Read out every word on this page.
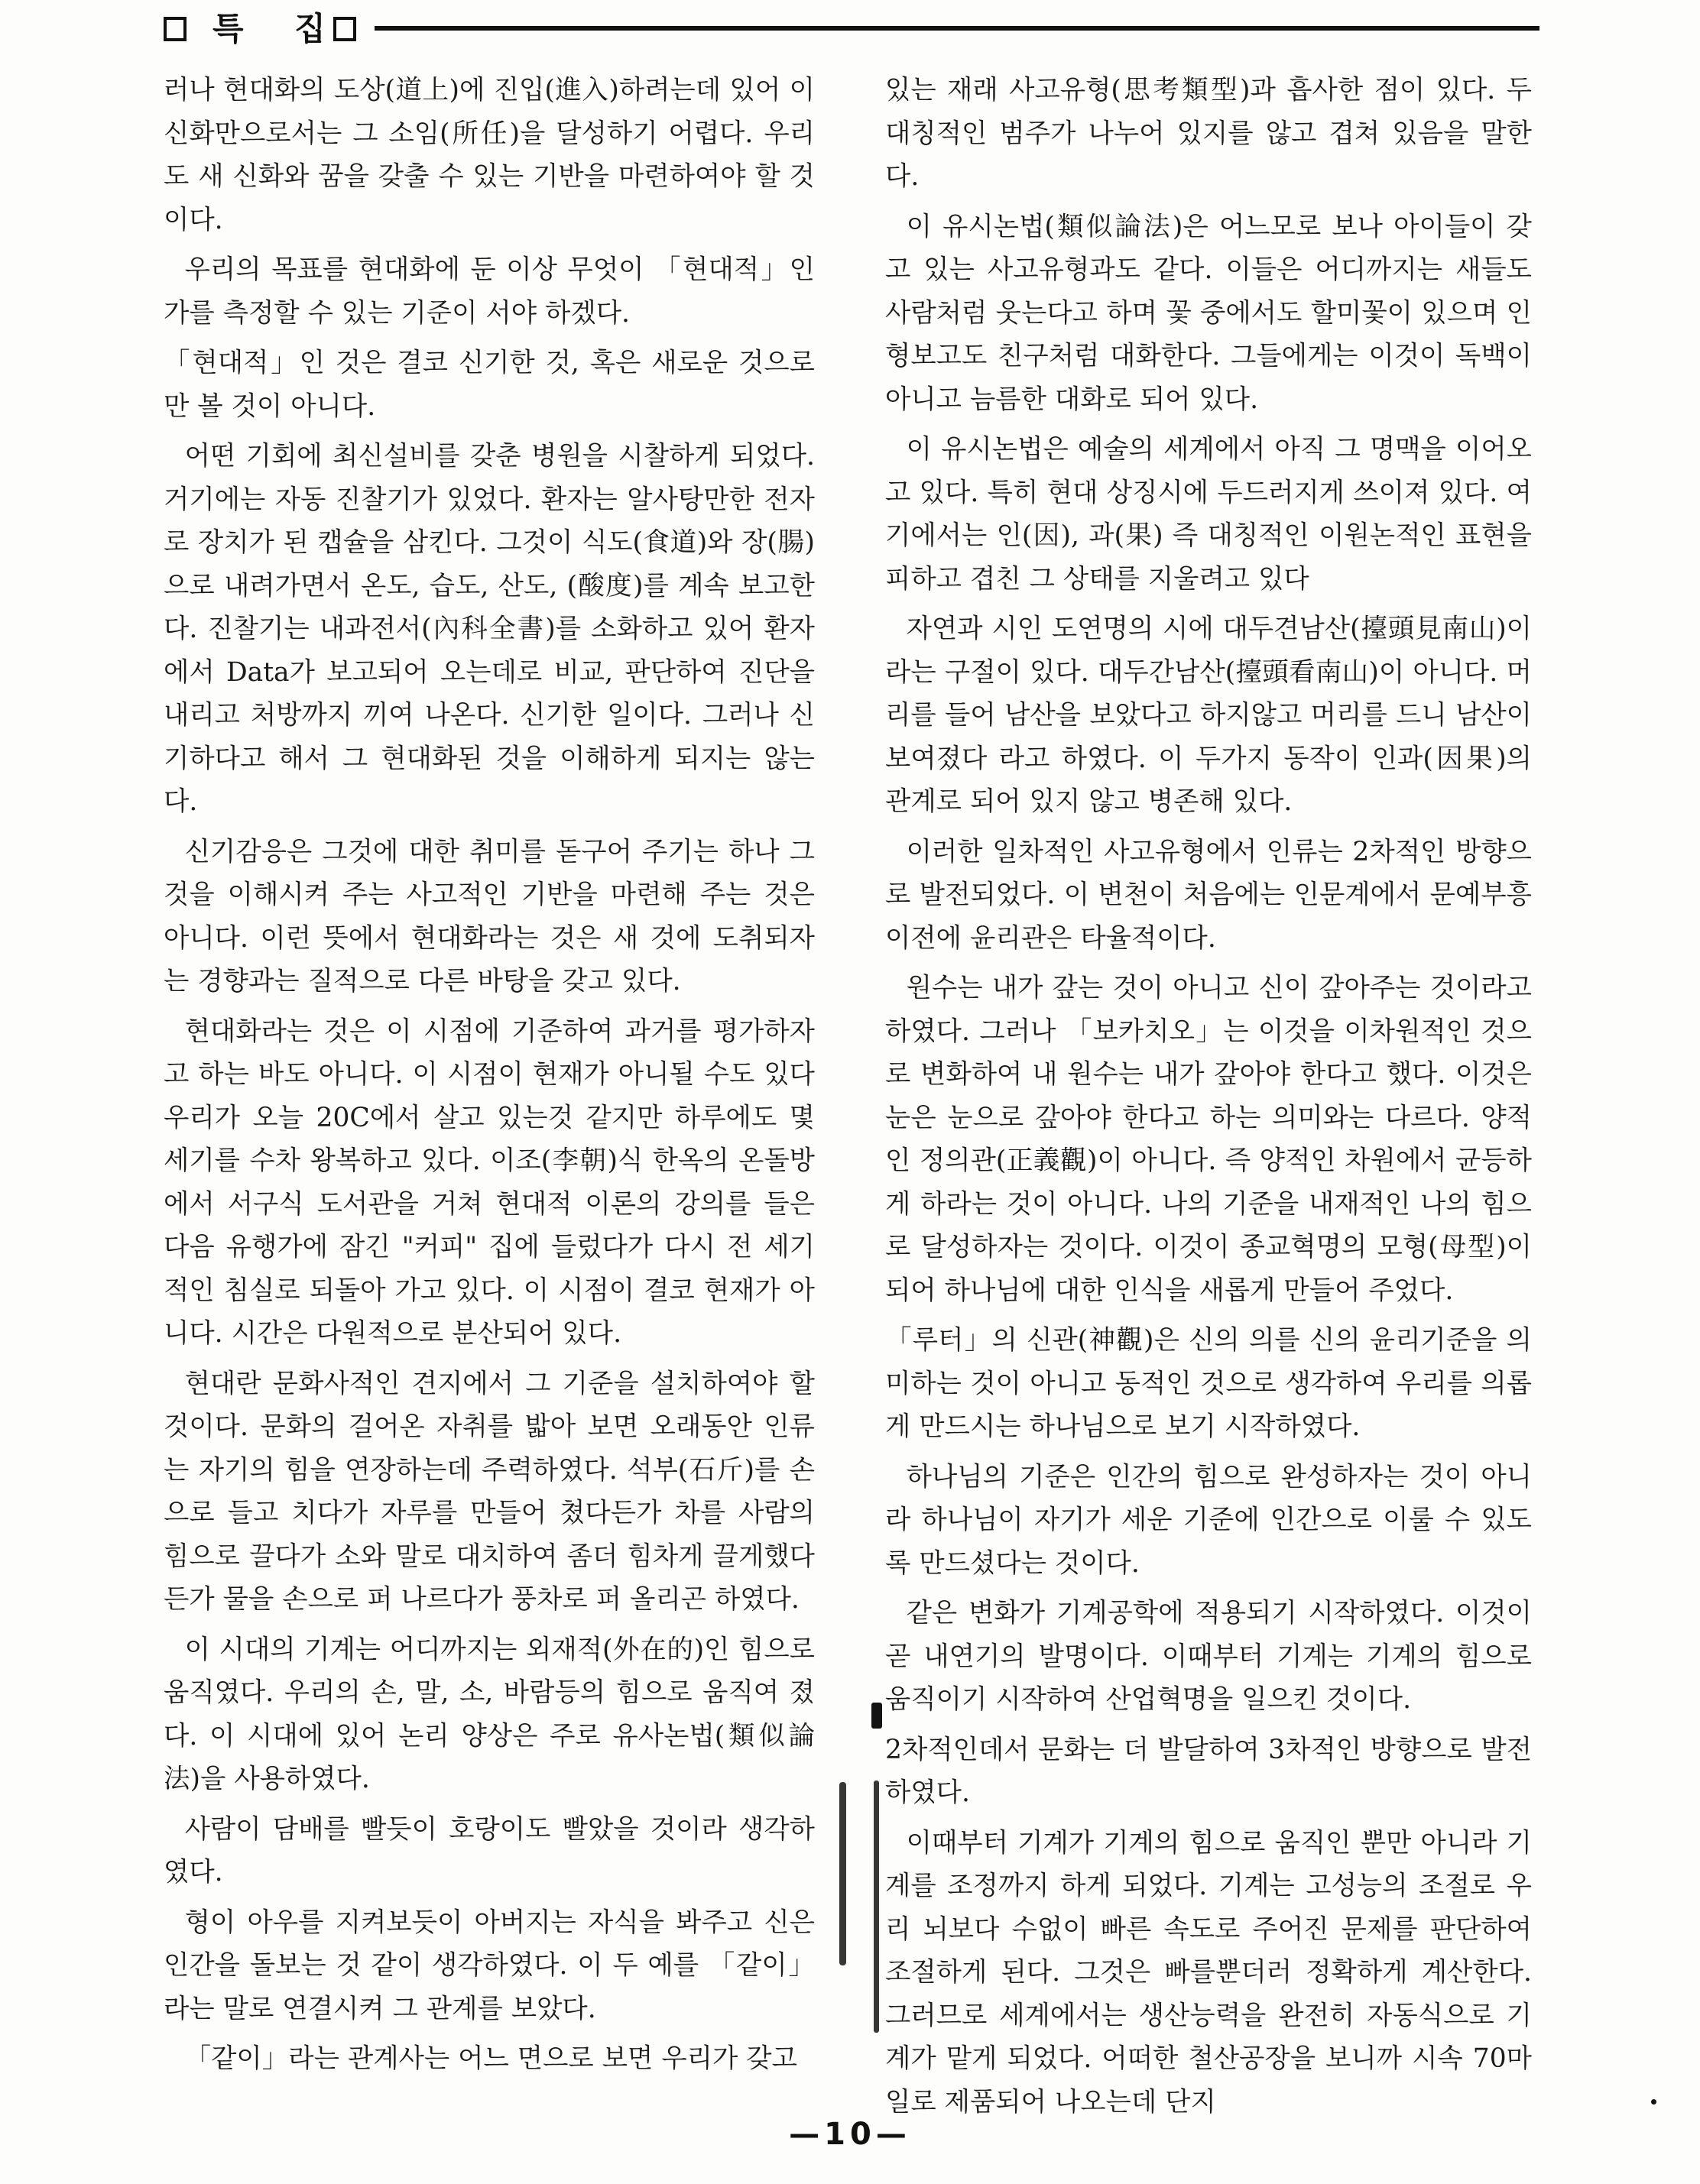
특 집

러나 현대화의 도상(道上)에 진입(進入)하려는데 있어 이 신화만으로서는 그 소임(所任)을 달성하기 어렵다. 우리도 새 신화와 꿈을 갖출 수 있는 기반을 마련하여야 할 것이다.

우리의 목표를 현대화에 둔 이상 무엇이 「현대적」인가를 측정할 수 있는 기준이 서야 하겠다.

「현대적」인 것은 결코 신기한 것, 혹은 새로운 것으로만 볼 것이 아니다.

어떤 기회에 최신설비를 갖춘 병원을 시찰하게 되었다. 거기에는 자동 진찰기가 있었다. 환자는 알사탕만한 전자로 장치가 된 캡슐을 삼킨다. 그것이 식도(食道)와 장(腸)으로 내려가면서 온도, 습도, 산도, (酸度)를 계속 보고한다. 진찰기는 내과전서(內科全書)를 소화하고 있어 환자에서 Data가 보고되어 오는데로 비교, 판단하여 진단을 내리고 처방까지 끼여 나온다. 신기한 일이다. 그러나 신기하다고 해서 그 현대화된 것을 이해하게 되지는 않는다.

신기감응은 그것에 대한 취미를 돋구어 주기는 하나 그것을 이해시켜 주는 사고적인 기반을 마련해 주는 것은 아니다. 이런 뜻에서 현대화라는 것은 새 것에 도취되자는 경향과는 질적으로 다른 바탕을 갖고 있다.

현대화라는 것은 이 시점에 기준하여 과거를 평가하자고 하는 바도 아니다. 이 시점이 현재가 아니될 수도 있다 우리가 오늘 20C에서 살고 있는것 같지만 하루에도 몇 세기를 수차 왕복하고 있다. 이조(李朝)식 한옥의 온돌방에서 서구식 도서관을 거쳐 현대적 이론의 강의를 들은 다음 유행가에 잠긴 "커피" 집에 들렀다가 다시 전 세기적인 침실로 되돌아 가고 있다. 이 시점이 결코 현재가 아니다. 시간은 다원적으로 분산되어 있다.

현대란 문화사적인 견지에서 그 기준을 설치하여야 할 것이다. 문화의 걸어온 자취를 밟아 보면 오래동안 인류는 자기의 힘을 연장하는데 주력하였다. 석부(石斤)를 손으로 들고 치다가 자루를 만들어 쳤다든가 차를 사람의 힘으로 끌다가 소와 말로 대치하여 좀더 힘차게 끌게했다든가 물을 손으로 퍼 나르다가 풍차로 퍼 올리곤 하였다.

이 시대의 기계는 어디까지는 외재적(外在的)인 힘으로 움직였다. 우리의 손, 말, 소, 바람등의 힘으로 움직여 졌다. 이 시대에 있어 논리 양상은 주로 유사논법(類似論法)을 사용하였다.

사람이 담배를 빨듯이 호랑이도 빨았을 것이라 생각하였다.

형이 아우를 지켜보듯이 아버지는 자식을 봐주고 신은 인간을 돌보는 것 같이 생각하였다. 이 두 예를 「같이」라는 말로 연결시켜 그 관계를 보았다.

「같이」라는 관계사는 어느 면으로 보면 우리가 갖고

있는 재래 사고유형(思考類型)과 흡사한 점이 있다. 두 대칭적인 범주가 나누어 있지를 않고 겹쳐 있음을 말한다.

이 유시논법(類似論法)은 어느모로 보나 아이들이 갖고 있는 사고유형과도 같다. 이들은 어디까지는 새들도 사람처럼 웃는다고 하며 꽃 중에서도 할미꽃이 있으며 인형보고도 친구처럼 대화한다. 그들에게는 이것이 독백이 아니고 늠름한 대화로 되어 있다.

이 유시논법은 예술의 세계에서 아직 그 명맥을 이어오고 있다. 특히 현대 상징시에 두드러지게 쓰이져 있다. 여기에서는 인(因), 과(果) 즉 대칭적인 이원논적인 표현을 피하고 겹친 그 상태를 지울려고 있다

자연과 시인 도연명의 시에 대두견남산(擡頭見南山)이라는 구절이 있다. 대두간남산(擡頭看南山)이 아니다. 머리를 들어 남산을 보았다고 하지않고 머리를 드니 남산이 보여졌다 라고 하였다. 이 두가지 동작이 인과(因果)의 관계로 되어 있지 않고 병존해 있다.

이러한 일차적인 사고유형에서 인류는 2차적인 방향으로 발전되었다. 이 변천이 처음에는 인문계에서 문예부흥이전에 윤리관은 타율적이다.

원수는 내가 갚는 것이 아니고 신이 갚아주는 것이라고 하였다. 그러나 「보카치오」는 이것을 이차원적인 것으로 변화하여 내 원수는 내가 갚아야 한다고 했다. 이것은 눈은 눈으로 갚아야 한다고 하는 의미와는 다르다. 양적인 정의관(正義觀)이 아니다. 즉 양적인 차원에서 균등하게 하라는 것이 아니다. 나의 기준을 내재적인 나의 힘으로 달성하자는 것이다. 이것이 종교혁명의 모형(母型)이 되어 하나님에 대한 인식을 새롭게 만들어 주었다.

「루터」의 신관(神觀)은 신의 의를 신의 윤리기준을 의미하는 것이 아니고 동적인 것으로 생각하여 우리를 의롭게 만드시는 하나님으로 보기 시작하였다.

하나님의 기준은 인간의 힘으로 완성하자는 것이 아니라 하나님이 자기가 세운 기준에 인간으로 이룰 수 있도록 만드셨다는 것이다.

같은 변화가 기계공학에 적용되기 시작하였다. 이것이 곧 내연기의 발명이다. 이때부터 기계는 기계의 힘으로 움직이기 시작하여 산업혁명을 일으킨 것이다.

2차적인데서 문화는 더 발달하여 3차적인 방향으로 발전하였다.

이때부터 기계가 기계의 힘으로 움직인 뿐만 아니라 기계를 조정까지 하게 되었다. 기계는 고성능의 조절로 우리 뇌보다 수없이 빠른 속도로 주어진 문제를 판단하여 조절하게 된다. 그것은 빠를뿐더러 정확하게 계산한다. 그러므로 세계에서는 생산능력을 완전히 자동식으로 기계가 맡게 되었다. 어떠한 철산공장을 보니까 시속 70마일로 제품되어 나오는데 단지

—10—
